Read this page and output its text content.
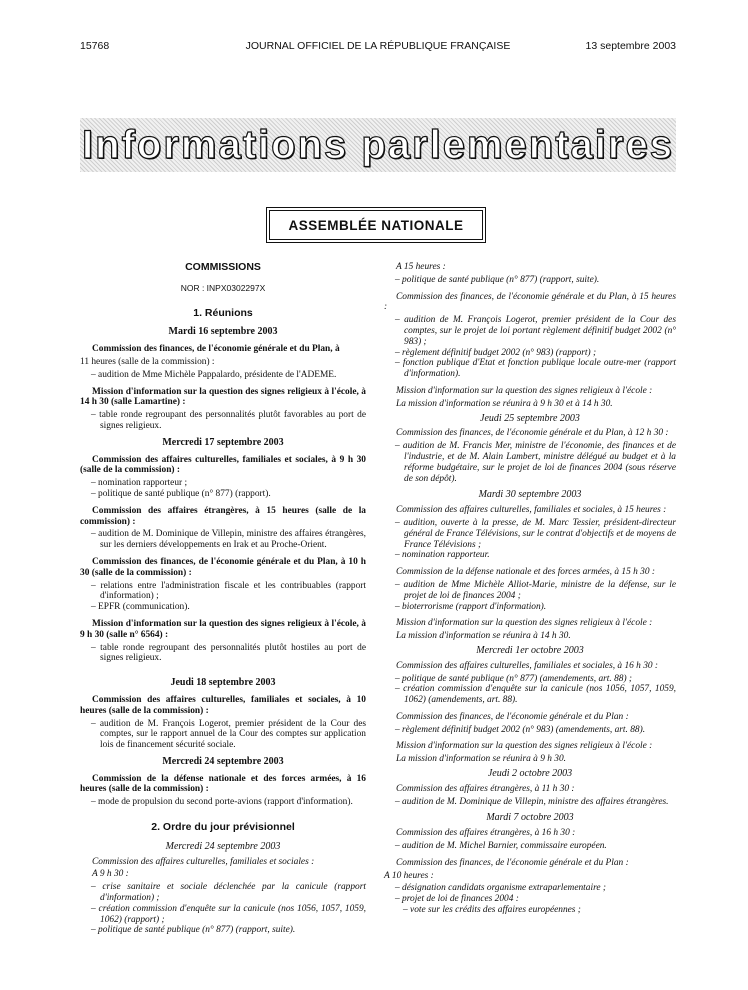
15768	JOURNAL OFFICIEL DE LA RÉPUBLIQUE FRANÇAISE	13 septembre 2003
Informations parlementaires
ASSEMBLÉE NATIONALE
COMMISSIONS
NOR : INPX0302297X
1. Réunions
Mardi 16 septembre 2003

Commission des finances, de l'économie générale et du Plan, à

11 heures (salle de la commission) :

– audition de Mme Michèle Pappalardo, présidente de l'ADEME.

Mission d'information sur la question des signes religieux à l'école, à 14 h 30 (salle Lamartine) :

– table ronde regroupant des personnalités plutôt favorables au port de signes religieux.
Mercredi 17 septembre 2003

Commission des affaires culturelles, familiales et sociales, à 9 h 30 (salle de la commission) :

– nomination rapporteur ;
– politique de santé publique (n° 877) (rapport).

Commission des affaires étrangères, à 15 heures (salle de la commission) :

– audition de M. Dominique de Villepin, ministre des affaires étrangères, sur les derniers développements en Irak et au Proche-Orient.

Commission des finances, de l'économie générale et du Plan, à 10 h 30 (salle de la commission) :

– relations entre l'administration fiscale et les contribuables (rapport d'information) ;
– EPFR (communication).

Mission d'information sur la question des signes religieux à l'école, à 9 h 30 (salle n° 6564) :

– table ronde regroupant des personnalités plutôt hostiles au port de signes religieux.
Jeudi 18 septembre 2003

Commission des affaires culturelles, familiales et sociales, à 10 heures (salle de la commission) :

– audition de M. François Logerot, premier président de la Cour des comptes, sur le rapport annuel de la Cour des comptes sur application lois de financement sécurité sociale.
Mercredi 24 septembre 2003

Commission de la défense nationale et des forces armées, à 16 heures (salle de la commission) :

– mode de propulsion du second porte-avions (rapport d'information).
2. Ordre du jour prévisionnel
Mercredi 24 septembre 2003

Commission des affaires culturelles, familiales et sociales :

A 9 h 30 :

– crise sanitaire et sociale déclenchée par la canicule (rapport d'information) ;
– création commission d'enquête sur la canicule (nos 1056, 1057, 1059, 1062) (rapport) ;
– politique de santé publique (n° 877) (rapport, suite).

A 15 heures :

– politique de santé publique (n° 877) (rapport, suite).

Commission des finances, de l'économie générale et du Plan, à 15 heures :

– audition de M. François Logerot, premier président de la Cour des comptes, sur le projet de loi portant règlement définitif budget 2002 (n° 983) ;
– règlement définitif budget 2002 (n° 983) (rapport) ;
– fonction publique d'Etat et fonction publique locale outre-mer (rapport d'information).

Mission d'information sur la question des signes religieux à l'école :

La mission d'information se réunira à 9 h 30 et à 14 h 30.

Jeudi 25 septembre 2003

Commission des finances, de l'économie générale et du Plan, à 12 h 30 :

– audition de M. Francis Mer, ministre de l'économie, des finances et de l'industrie, et de M. Alain Lambert, ministre délégué au budget et à la réforme budgétaire, sur le projet de loi de finances 2004 (sous réserve de son dépôt).
Mardi 30 septembre 2003

Commission des affaires culturelles, familiales et sociales, à 15 heures :

– audition, ouverte à la presse, de M. Marc Tessier, président-directeur général de France Télévisions, sur le contrat d'objectifs et de moyens de France Télévisions ;
– nomination rapporteur.

Commission de la défense nationale et des forces armées, à 15 h 30 :

– audition de Mme Michèle Alliot-Marie, ministre de la défense, sur le projet de loi de finances 2004 ;
– bioterrorisme (rapport d'information).

Mission d'information sur la question des signes religieux à l'école :

La mission d'information se réunira à 14 h 30.

Mercredi 1er octobre 2003

Commission des affaires culturelles, familiales et sociales, à 16 h 30 :

– politique de santé publique (n° 877) (amendements, art. 88) ;
– création commission d'enquête sur la canicule (nos 1056, 1057, 1059, 1062) (amendements, art. 88).

Commission des finances, de l'économie générale et du Plan :

– règlement définitif budget 2002 (n° 983) (amendements, art. 88).

Mission d'information sur la question des signes religieux à l'école :

La mission d'information se réunira à 9 h 30.

Jeudi 2 octobre 2003

Commission des affaires étrangères, à 11 h 30 :

– audition de M. Dominique de Villepin, ministre des affaires étrangères.
Mardi 7 octobre 2003

Commission des affaires étrangères, à 16 h 30 :

– audition de M. Michel Barnier, commissaire européen.

Commission des finances, de l'économie générale et du Plan :

A 10 heures :

– désignation candidats organisme extraparlementaire ;
– projet de loi de finances 2004 :
– vote sur les crédits des affaires européennes ;
